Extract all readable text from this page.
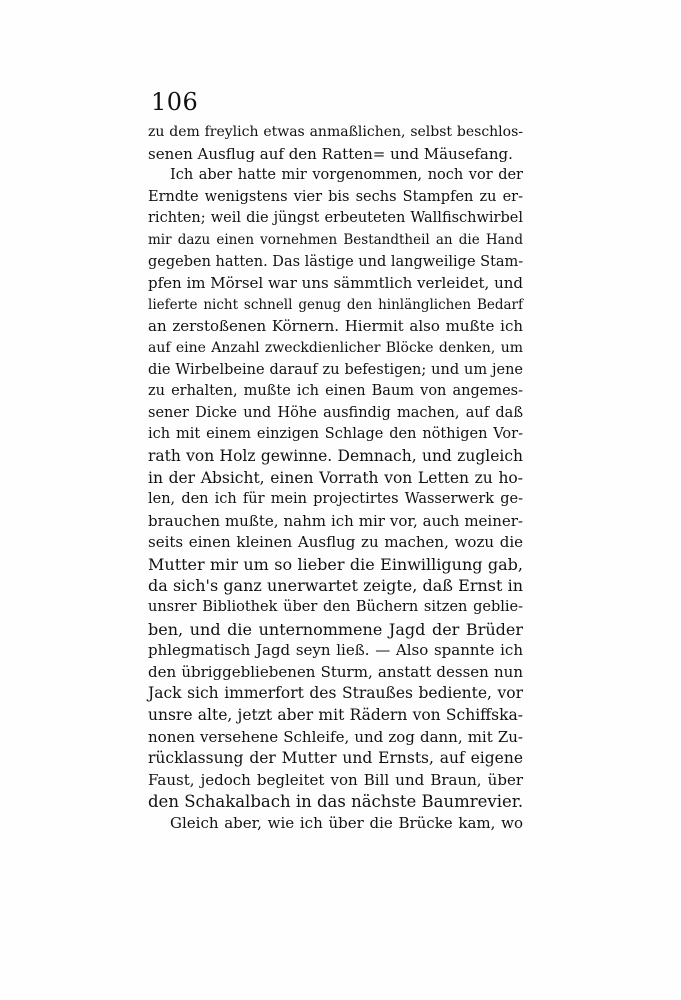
106
zu dem freylich etwas anmaßlichen, selbst beschlos-
senen Ausflug auf den Ratten= und Mäusefang.
Ich aber hatte mir vorgenommen, noch vor der
Erndte wenigstens vier bis sechs Stampfen zu er-
richten; weil die jüngst erbeuteten Wallfischwirbel
mir dazu einen vornehmen Bestandtheil an die Hand
gegeben hatten. Das lästige und langweilige Stam-
pfen im Mörsel war uns sämmtlich verleidet, und
lieferte nicht schnell genug den hinlänglichen Bedarf
an zerstoßenen Körnern. Hiermit also mußte ich
auf eine Anzahl zweckdienlicher Blöcke denken, um
die Wirbelbeine darauf zu befestigen; und um jene
zu erhalten, mußte ich einen Baum von angemes-
sener Dicke und Höhe ausfindig machen, auf daß
ich mit einem einzigen Schlage den nöthigen Vor-
rath von Holz gewinne. Demnach, und zugleich
in der Absicht, einen Vorrath von Letten zu ho-
len, den ich für mein projectirtes Wasserwerk ge-
brauchen mußte, nahm ich mir vor, auch meiner-
seits einen kleinen Ausflug zu machen, wozu die
Mutter mir um so lieber die Einwilligung gab,
da sich's ganz unerwartet zeigte, daß Ernst in
unsrer Bibliothek über den Büchern sitzen geblie-
ben, und die unternommene Jagd der Brüder
phlegmatisch Jagd seyn ließ. — Also spannte ich
den übriggebliebenen Sturm, anstatt dessen nun
Jack sich immerfort des Straußes bediente, vor
unsre alte, jetzt aber mit Rädern von Schiffska-
nonen versehene Schleife, und zog dann, mit Zu-
rücklassung der Mutter und Ernsts, auf eigene
Faust, jedoch begleitet von Bill und Braun, über
den Schakalbach in das nächste Baumrevier.
Gleich aber, wie ich über die Brücke kam, wo
